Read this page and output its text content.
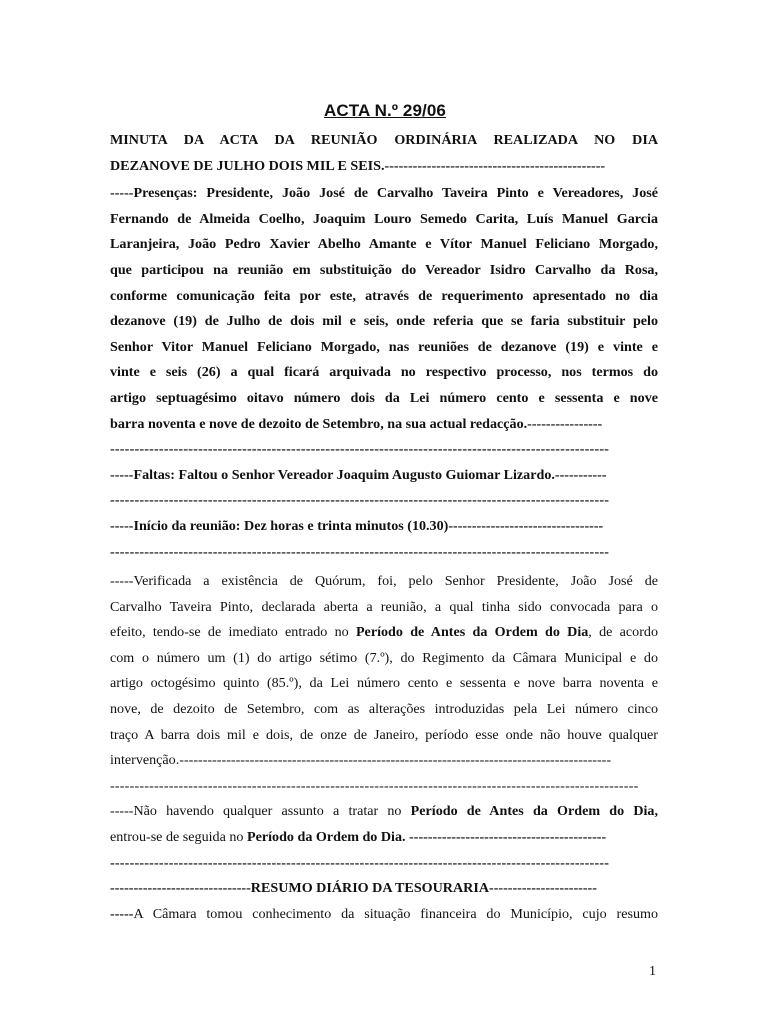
ACTA N.º 29/06
MINUTA DA ACTA DA REUNIÃO ORDINÁRIA REALIZADA NO DIA
DEZANOVE DE JULHO DOIS MIL E SEIS.-----------------------------------------------
-----Presenças: Presidente, João José de Carvalho Taveira Pinto e Vereadores, José
Fernando de Almeida Coelho, Joaquim Louro Semedo Carita, Luís Manuel Garcia
Laranjeira, João Pedro Xavier Abelho Amante e Vítor Manuel Feliciano Morgado,
que participou na reunião em substituição do Vereador Isidro Carvalho da Rosa,
conforme comunicação feita por este, através de requerimento apresentado no dia
dezanove (19) de Julho de dois mil e seis, onde referia que se faria substituir pelo
Senhor Vitor Manuel Feliciano Morgado, nas reuniões de dezanove (19) e vinte e
vinte e seis (26) a qual ficará arquivada no respectivo processo, nos termos do
artigo septuagésimo oitavo número dois da Lei número cento e sessenta e nove
barra noventa e nove de dezoito de Setembro, na sua actual redacção.----------------
------------------------------------------------------------------------------------------------------
-----Faltas: Faltou o Senhor Vereador Joaquim Augusto Guiomar Lizardo.-----------
------------------------------------------------------------------------------------------------------
-----Início da reunião: Dez horas e trinta minutos (10.30)---------------------------------
------------------------------------------------------------------------------------------------------
-----Verificada a existência de Quórum, foi, pelo Senhor Presidente, João José de
Carvalho Taveira Pinto, declarada aberta a reunião, a qual tinha sido convocada para o
efeito, tendo-se de imediato entrado no Período de Antes da Ordem do Dia, de acordo
com o número um (1) do artigo sétimo (7.º), do Regimento da Câmara Municipal e do
artigo octogésimo quinto (85.º), da Lei número cento e sessenta e nove barra noventa e
nove, de dezoito de Setembro, com as alterações introduzidas pela Lei número cinco
traço A barra dois mil e dois, de onze de Janeiro, período esse onde não houve qualquer
intervenção.--------------------------------------------------------------------------------------------
------------------------------------------------------------------------------------------------------------
-----Não havendo qualquer assunto a tratar no Período de Antes da Ordem do Dia,
entrou-se de seguida no Período da Ordem do Dia. ------------------------------------------
------------------------------------------------------------------------------------------------------
------------------------------RESUMO DIÁRIO DA TESOURARIA-----------------------
-----A Câmara tomou conhecimento da situação financeira do Município, cujo resumo
1
